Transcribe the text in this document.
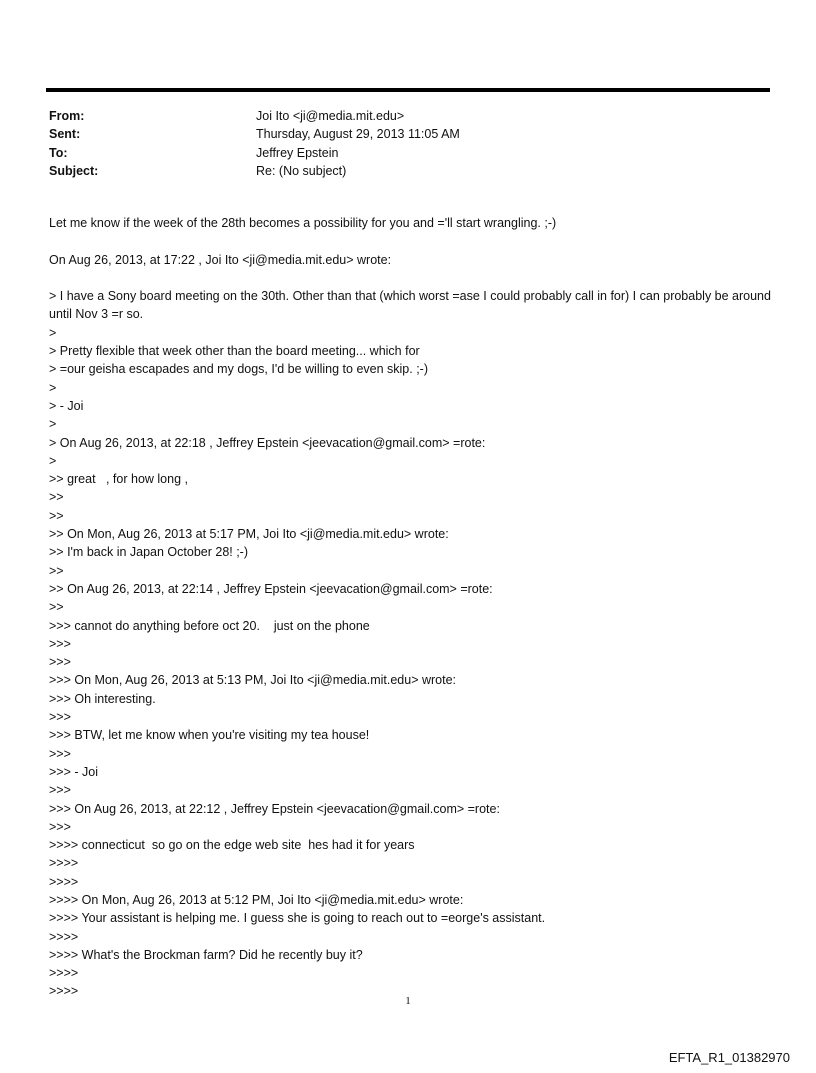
From:	Joi Ito <ji@media.mit.edu>
Sent:	Thursday, August 29, 2013 11:05 AM
To:	Jeffrey Epstein
Subject:	Re: (No subject)
Let me know if the week of the 28th becomes a possibility for you and ='ll start wrangling. ;-)
On Aug 26, 2013, at 17:22 , Joi Ito <ji@media.mit.edu> wrote:

> I have a Sony board meeting on the 30th. Other than that (which worst =ase I could probably call in for) I can probably be around until Nov 3 =r so.

>
> Pretty flexible that week other than the board meeting... which for
> =our geisha escapades and my dogs, I'd be willing to even skip. ;-)
>
> - Joi
>
> On Aug 26, 2013, at 22:18 , Jeffrey Epstein <jeevacation@gmail.com> =rote:
>
>> great   , for how long ,
>>
>>
>> On Mon, Aug 26, 2013 at 5:17 PM, Joi Ito <ji@media.mit.edu> wrote:
>> I'm back in Japan October 28! ;-)
>>
>> On Aug 26, 2013, at 22:14 , Jeffrey Epstein <jeevacation@gmail.com> =rote:
>>
>>> cannot do anything before oct 20.    just on the phone
>>>
>>>
>>> On Mon, Aug 26, 2013 at 5:13 PM, Joi Ito <ji@media.mit.edu> wrote:
>>> Oh interesting.
>>>
>>> BTW, let me know when you're visiting my tea house!
>>>
>>> - Joi
>>>
>>> On Aug 26, 2013, at 22:12 , Jeffrey Epstein <jeevacation@gmail.com> =rote:
>>>
>>>> connecticut  so go on the edge web site  hes had it for years
>>>>
>>>>
>>>> On Mon, Aug 26, 2013 at 5:12 PM, Joi Ito <ji@media.mit.edu> wrote:
>>>> Your assistant is helping me. I guess she is going to reach out to =eorge's assistant.
>>>>
>>>> What's the Brockman farm? Did he recently buy it?
>>>>
>>>>
1
EFTA_R1_01382970
